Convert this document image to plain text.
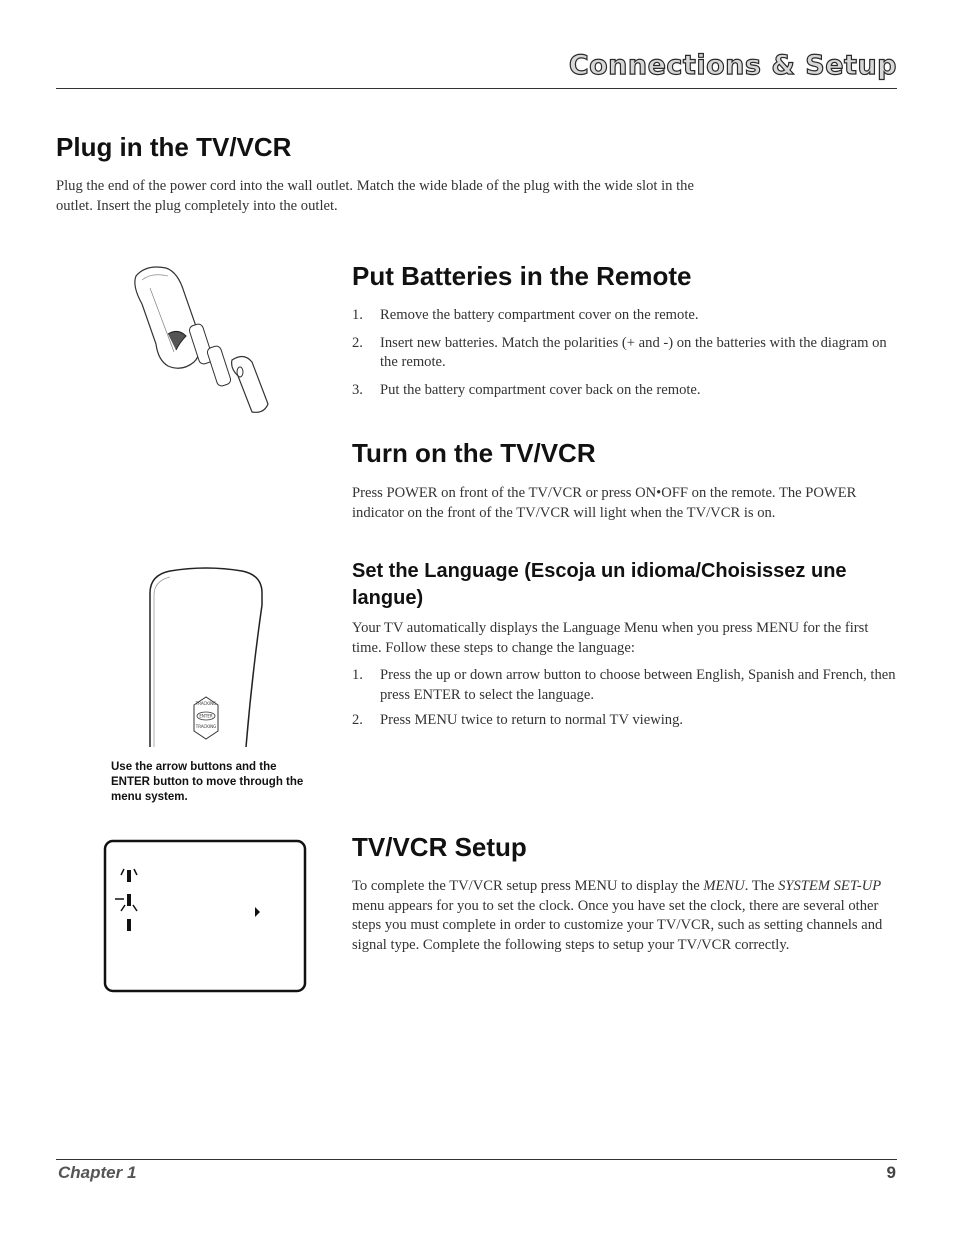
Connections & Setup
Plug in the TV/VCR

Plug the end of the power cord into the wall outlet. Match the wide blade of the plug with the wide slot in the outlet. Insert the plug completely into the outlet.

Put Batteries in the Remote
1. Remove the battery compartment cover on the remote.
2. Insert new batteries. Match the polarities (+ and -) on the batteries with the diagram on the remote.
3. Put the battery compartment cover back on the remote.
Turn on the TV/VCR

Press POWER on front of the TV/VCR or press ON•OFF on the remote. The POWER indicator on the front of the TV/VCR will light when the TV/VCR is on.

TRACKING
ENTER
TRACKING
Set the Language (Escoja un idioma/Choisissez une langue)

Your TV automatically displays the Language Menu when you press MENU for the first time. Follow these steps to change the language:

1. Press the up or down arrow button to choose between English, Spanish and French, then press ENTER to select the language.
2. Press MENU twice to return to normal TV viewing.

Use the arrow buttons and the ENTER button to move through the menu system.

TV/VCR Setup

To complete the TV/VCR setup press MENU to display the MENU. The SYSTEM SET-UP menu appears for you to set the clock. Once you have set the clock, there are several other steps you must complete in order to customize your TV/VCR, such as setting channels and signal type. Complete the following steps to setup your TV/VCR correctly.

Chapter 1	9
